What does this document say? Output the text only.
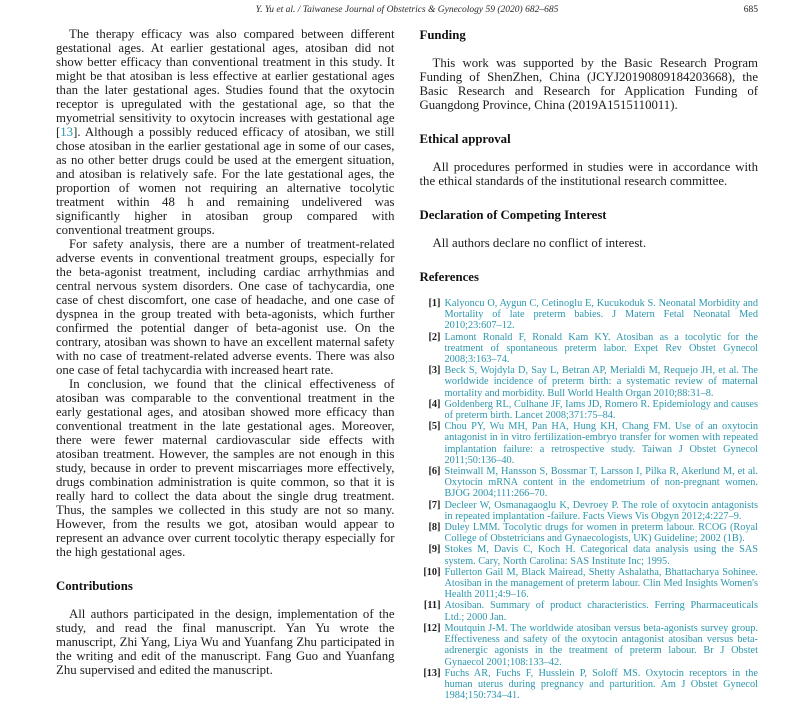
Y. Yu et al. / Taiwanese Journal of Obstetrics & Gynecology 59 (2020) 682–685	685

The therapy efficacy was also compared between different gestational ages. At earlier gestational ages, atosiban did not show better efficacy than conventional treatment in this study. It might be that atosiban is less effective at earlier gestational ages than the later gestational ages. Studies found that the oxytocin receptor is upregulated with the gestational age, so that the myometrial sensitivity to oxytocin increases with gestational age [13]. Although a possibly reduced efficacy of atosiban, we still chose atosiban in the earlier gestational age in some of our cases, as no other better drugs could be used at the emergent situation, and atosiban is relatively safe. For the late gestational ages, the proportion of women not requiring an alternative tocolytic treatment within 48 h and remaining undelivered was significantly higher in atosiban group compared with conventional treatment groups.

For safety analysis, there are a number of treatment-related adverse events in conventional treatment groups, especially for the beta-agonist treatment, including cardiac arrhythmias and central nervous system disorders. One case of tachycardia, one case of chest discomfort, one case of headache, and one case of dyspnea in the group treated with beta-agonists, which further confirmed the potential danger of beta-agonist use. On the contrary, atosiban was shown to have an excellent maternal safety with no case of treatment-related adverse events. There was also one case of fetal tachycardia with increased heart rate.

In conclusion, we found that the clinical effectiveness of atosiban was comparable to the conventional treatment in the early gestational ages, and atosiban showed more efficacy than conventional treatment in the late gestational ages. Moreover, there were fewer maternal cardiovascular side effects with atosiban treatment. However, the samples are not enough in this study, because in order to prevent miscarriages more effectively, drugs combination administration is quite common, so that it is really hard to collect the data about the single drug treatment. Thus, the samples we collected in this study are not so many. However, from the results we got, atosiban would appear to represent an advance over current tocolytic therapy especially for the high gestational ages.

Contributions

All authors participated in the design, implementation of the study, and read the final manuscript. Yan Yu wrote the manuscript, Zhi Yang, Liya Wu and Yuanfang Zhu participated in the writing and edit of the manuscript. Fang Guo and Yuanfang Zhu supervised and edited the manuscript.

Funding

This work was supported by the Basic Research Program Funding of ShenZhen, China (JCYJ20190809184203668), the Basic Research and Research for Application Funding of Guangdong Province, China (2019A1515110011).

Ethical approval

All procedures performed in studies were in accordance with the ethical standards of the institutional research committee.

Declaration of Competing Interest

All authors declare no conflict of interest.

References
[1] Kalyoncu O, Aygun C, Cetinoglu E, Kucukoduk S. Neonatal Morbidity and Mortality of late preterm babies. J Matern Fetal Neonatal Med 2010;23:607–12.
[2] Lamont Ronald F, Ronald Kam KY. Atosiban as a tocolytic for the treatment of spontaneous preterm labor. Expet Rev Obstet Gynecol 2008;3:163–74.
[3] Beck S, Wojdyla D, Say L, Betran AP, Merialdi M, Requejo JH, et al. The worldwide incidence of preterm birth: a systematic review of maternal mortality and morbidity. Bull World Health Organ 2010;88:31–8.
[4] Goldenberg RL, Culhane JF, Iams JD, Romero R. Epidemiology and causes of preterm birth. Lancet 2008;371:75–84.
[5] Chou PY, Wu MH, Pan HA, Hung KH, Chang FM. Use of an oxytocin antagonist in in vitro fertilization-embryo transfer for women with repeated implantation failure: a retrospective study. Taiwan J Obstet Gynecol 2011;50:136–40.
[6] Steinwall M, Hansson S, Bossmar T, Larsson I, Pilka R, Akerlund M, et al. Oxytocin mRNA content in the endometrium of non-pregnant women. BJOG 2004;111:266–70.
[7] Decleer W, Osmanagaoglu K, Devroey P. The role of oxytocin antagonists in repeated implantation -failure. Facts Views Vis Obgyn 2012;4:227–9.
[8] Duley LMM. Tocolytic drugs for women in preterm labour. RCOG (Royal College of Obstetricians and Gynaecologists, UK) Guideline; 2002 (1B).
[9] Stokes M, Davis C, Koch H. Categorical data analysis using the SAS system. Cary, North Carolina: SAS Institute Inc; 1995.
[10] Fullerton Gail M, Black Mairead, Shetty Ashalatha, Bhattacharya Sohinee. Atosiban in the management of preterm labour. Clin Med Insights Women's Health 2011;4:9–16.
[11] Atosiban. Summary of product characteristics. Ferring Pharmaceuticals Ltd.; 2000 Jan.
[12] Moutquin J-M. The worldwide atosiban versus beta-agonists survey group. Effectiveness and safety of the oxytocin antagonist atosiban versus beta-adrenergic agonists in the treatment of preterm labour. Br J Obstet Gynaecol 2001;108:133–42.
[13] Fuchs AR, Fuchs F, Husslein P, Soloff MS. Oxytocin receptors in the human uterus during pregnancy and parturition. Am J Obstet Gynecol 1984;150:734–41.
